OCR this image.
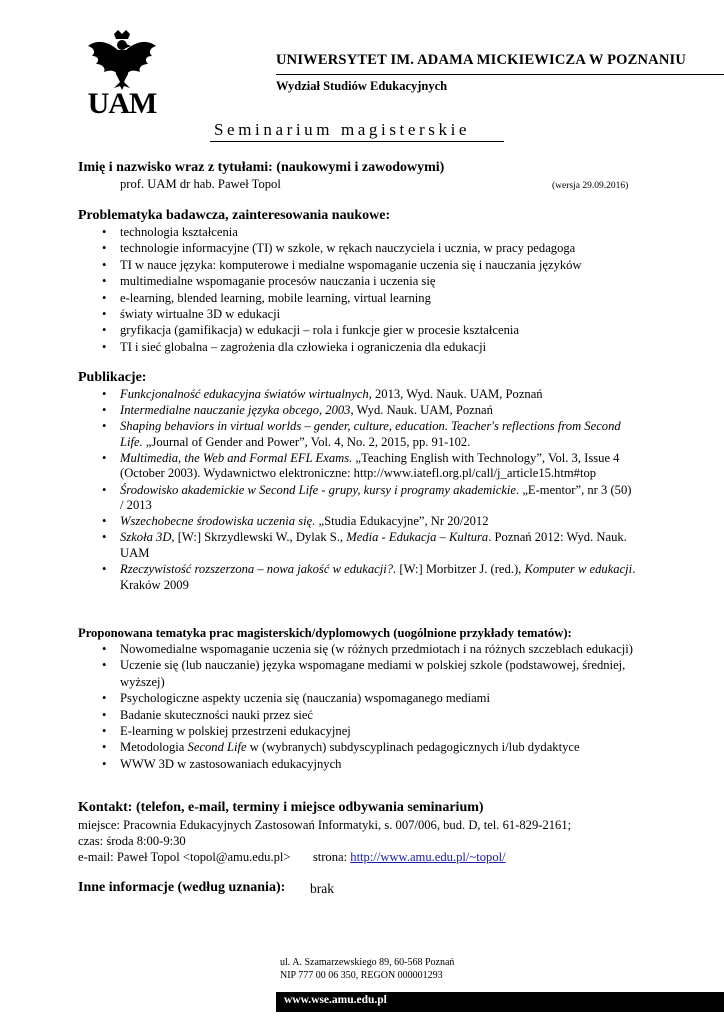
UAM
UNIWERSYTET IM. ADAMA MICKIEWICZA W POZNANIU
Wydział Studiów Edukacyjnych
Seminarium magisterskie
Imię i nazwisko wraz z tytułami: (naukowymi i zawodowymi)
prof. UAM dr hab. Paweł Topol	(wersja 29.09.2016)
Problematyka badawcza, zainteresowania naukowe:
• technologia kształcenia
• technologie informacyjne (TI) w szkole, w rękach nauczyciela i ucznia, w pracy pedagoga
• TI w nauce języka: komputerowe i medialne wspomaganie uczenia się i nauczania języków
• multimedialne wspomaganie procesów nauczania i uczenia się
• e-learning, blended learning, mobile learning, virtual learning
• światy wirtualne 3D w edukacji
• gryfikacja (gamifikacja) w edukacji – rola i funkcje gier w procesie kształcenia
• TI i sieć globalna – zagrożenia dla człowieka i ograniczenia dla edukacji
Publikacje:
• Funkcjonalność edukacyjna światów wirtualnych, 2013, Wyd. Nauk. UAM, Poznań
• Intermedialne nauczanie języka obcego, 2003, Wyd. Nauk. UAM, Poznań
• Shaping behaviors in virtual worlds – gender, culture, education. Teacher's reflections from Second Life. „Journal of Gender and Power”, Vol. 4, No. 2, 2015, pp. 91-102.
• Multimedia, the Web and Formal EFL Exams. „Teaching English with Technology”, Vol. 3, Issue 4 (October 2003). Wydawnictwo elektroniczne: http://www.iatefl.org.pl/call/j_article15.htm#top
• Środowisko akademickie w Second Life - grupy, kursy i programy akademickie. „E-mentor”, nr 3 (50) / 2013
• Wszechobecne środowiska uczenia się. „Studia Edukacyjne”, Nr 20/2012
• Szkoła 3D, [W:] Skrzydlewski W., Dylak S., Media - Edukacja – Kultura. Poznań 2012: Wyd. Nauk. UAM
• Rzeczywistość rozszerzona – nowa jakość w edukacji?. [W:] Morbitzer J. (red.), Komputer w edukacji. Kraków 2009
Proponowana tematyka prac magisterskich/dyplomowych (uogólnione przykłady tematów):
• Nowomedialne wspomaganie uczenia się (w różnych przedmiotach i na różnych szczeblach edukacji)
• Uczenie się (lub nauczanie) języka wspomagane mediami w polskiej szkole (podstawowej, średniej, wyższej)
• Psychologiczne aspekty uczenia się (nauczania) wspomaganego mediami
• Badanie skuteczności nauki przez sieć
• E-learning w polskiej przestrzeni edukacyjnej
• Metodologia Second Life w (wybranych) subdyscyplinach pedagogicznych i/lub dydaktyce
• WWW 3D w zastosowaniach edukacyjnych
Kontakt: (telefon, e-mail, terminy i miejsce odbywania seminarium)
miejsce: Pracownia Edukacyjnych Zastosowań Informatyki, s. 007/006, bud. D, tel. 61-829-2161;
czas: środa 8:00-9:30
e-mail: Paweł Topol <topol@amu.edu.pl> strona: http://www.amu.edu.pl/~topol/
Inne informacje (według uznania): brak
ul. A. Szamarzewskiego 89, 60-568 Poznań
NIP 777 00 06 350, REGON 000001293
www.wse.amu.edu.pl
